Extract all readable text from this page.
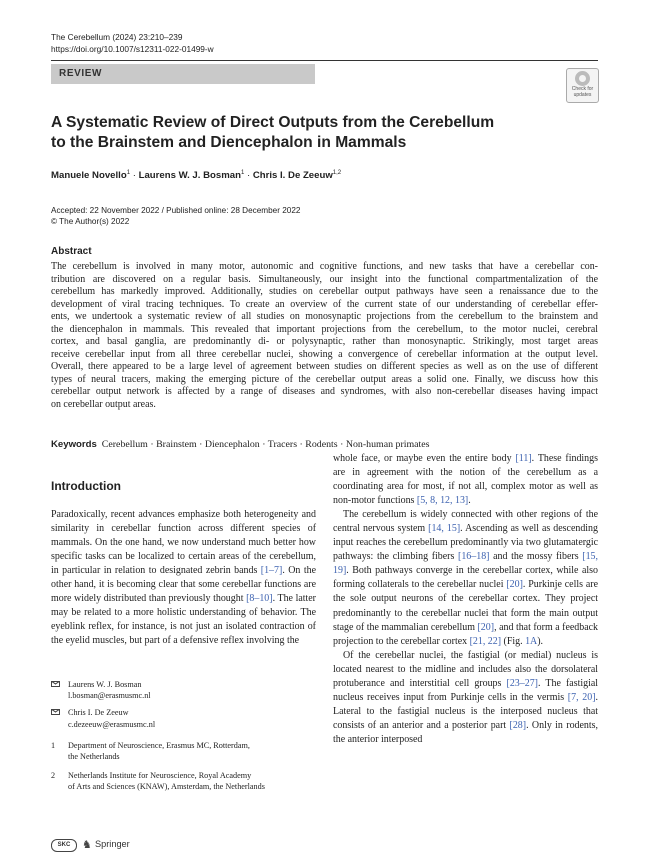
The Cerebellum (2024) 23:210–239
https://doi.org/10.1007/s12311-022-01499-w
REVIEW
Check for
updates
A Systematic Review of Direct Outputs from the Cerebellum
to the Brainstem and Diencephalon in Mammals
Manuele Novello$^1$ · Laurens W. J. Bosman$^1$ · Chris I. De Zeeuw$^{1,2}$
Accepted: 22 November 2022 / Published online: 28 December 2022
© The Author(s) 2022
Abstract
The cerebellum is involved in many motor, autonomic and cognitive functions, and new tasks that have a cerebellar con-
tribution are discovered on a regular basis. Simultaneously, our insight into the functional compartmentalization of the
cerebellum has markedly improved. Additionally, studies on cerebellar output pathways have seen a renaissance due to the
development of viral tracing techniques. To create an overview of the current state of our understanding of cerebellar effer-
ents, we undertook a systematic review of all studies on monosynaptic projections from the cerebellum to the brainstem and
the diencephalon in mammals. This revealed that important projections from the cerebellum, to the motor nuclei, cerebral
cortex, and basal ganglia, are predominantly di- or polysynaptic, rather than monosynaptic. Strikingly, most target areas
receive cerebellar input from all three cerebellar nuclei, showing a convergence of cerebellar information at the output level.
Overall, there appeared to be a large level of agreement between studies on different species as well as on the use of different
types of neural tracers, making the emerging picture of the cerebellar output areas a solid one. Finally, we discuss how this
cerebellar output network is affected by a range of diseases and syndromes, with also non-cerebellar diseases having impact
on cerebellar output areas.
Keywords Cerebellum · Brainstem · Diencephalon · Tracers · Rodents · Non-human primates
Introduction

Paradoxically, recent advances emphasize both heterogeneity and similarity in cerebellar function across different species of mammals. On the one hand, we now understand much better how specific tasks can be localized to certain areas of the cerebellum, in particular in relation to designated zebrin bands [1–7]. On the other hand, it is becoming clear that some cerebellar functions are more widely distributed than previously thought [8–10]. The latter may be related to a more holistic understanding of behavior. The eyeblink reflex, for instance, is not just an isolated contraction of the eyelid muscles, but part of a defensive reflex involving the

whole face, or maybe even the entire body [11]. These findings are in agreement with the notion of the cerebellum as a coordinating area for most, if not all, complex motor as well as non-motor functions [5, 8, 12, 13].

The cerebellum is widely connected with other regions of the central nervous system [14, 15]. Ascending as well as descending input reaches the cerebellum predominantly via two glutamatergic pathways: the climbing fibers [16–18] and the mossy fibers [15, 19]. Both pathways converge in the cerebellar cortex, while also forming collaterals to the cerebellar nuclei [20]. Purkinje cells are the sole output neurons of the cerebellar cortex. They project predominantly to the cerebellar nuclei that form the main output stage of the mammalian cerebellum [20], and that form a feedback projection to the cerebellar cortex [21, 22] (Fig. 1A).

Of the cerebellar nuclei, the fastigial (or medial) nucleus is located nearest to the midline and includes also the dorsolateral protuberance and interstitial cell groups [23–27]. The fastigial nucleus receives input from Purkinje cells in the vermis [7, 20]. Lateral to the fastigial nucleus is the interposed nucleus that consists of an anterior and a posterior part [28]. Only in rodents, the anterior interposed

Laurens W. J. Bosman
l.bosman@erasmusmc.nl
Chris I. De Zeeuw
c.dezeeuw@erasmusmc.nl
1 Department of Neuroscience, Erasmus MC, Rotterdam,
the Netherlands
2 Netherlands Institute for Neuroscience, Royal Academy
of Arts and Sciences (KNAW), Amsterdam, the Netherlands
SKC	♞ Springer
